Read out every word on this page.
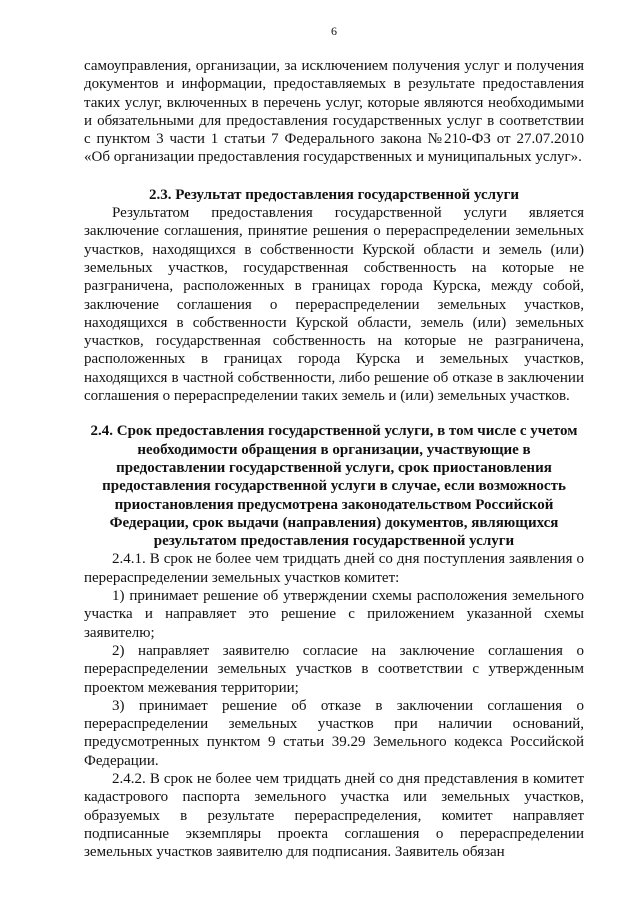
6

самоуправления, организации, за исключением получения услуг и получения документов и информации, предоставляемых в результате предоставления таких услуг, включенных в перечень услуг, которые являются необходимыми и обязательными для предоставления государственных услуг в соответствии с пунктом 3 части 1 статьи 7 Федерального закона №210-ФЗ от 27.07.2010 «Об организации предоставления государственных и муниципальных услуг».

2.3. Результат предоставления государственной услуги

Результатом предоставления государственной услуги является заключение соглашения, принятие решения о перераспределении земельных участков, находящихся в собственности Курской области и земель (или) земельных участков, государственная собственность на которые не разграничена, расположенных в границах города Курска, между собой, заключение соглашения о перераспределении земельных участков, находящихся в собственности Курской области, земель (или) земельных участков, государственная собственность на которые не разграничена, расположенных в границах города Курска и земельных участков, находящихся в частной собственности, либо решение об отказе в заключении соглашения о перераспределении таких земель и (или) земельных участков.

2.4. Срок предоставления государственной услуги, в том числе с учетом необходимости обращения в организации, участвующие в предоставлении государственной услуги, срок приостановления предоставления государственной услуги в случае, если возможность приостановления предусмотрена законодательством Российской Федерации, срок выдачи (направления) документов, являющихся результатом предоставления государственной услуги

2.4.1. В срок не более чем тридцать дней со дня поступления заявления о перераспределении земельных участков комитет:

1) принимает решение об утверждении схемы расположения земельного участка и направляет это решение с приложением указанной схемы заявителю;

2) направляет заявителю согласие на заключение соглашения о перераспределении земельных участков в соответствии с утвержденным проектом межевания территории;

3) принимает решение об отказе в заключении соглашения о перераспределении земельных участков при наличии оснований, предусмотренных пунктом 9 статьи 39.29 Земельного кодекса Российской Федерации.

2.4.2. В срок не более чем тридцать дней со дня представления в комитет кадастрового паспорта земельного участка или земельных участков, образуемых в результате перераспределения, комитет направляет подписанные экземпляры проекта соглашения о перераспределении земельных участков заявителю для подписания. Заявитель обязан
